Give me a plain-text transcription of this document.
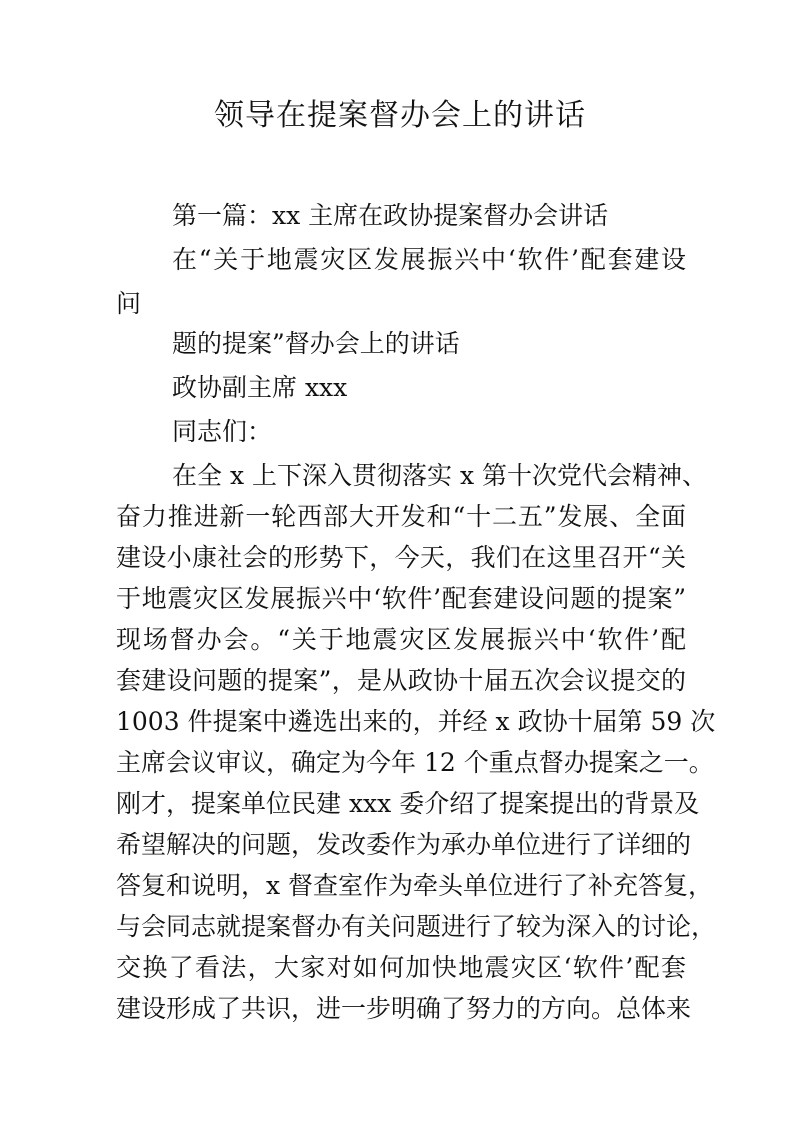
领导在提案督办会上的讲话
第一篇：xx 主席在政协提案督办会讲话
在“关于地震灾区发展振兴中‘软件’配套建设
问
题的提案”督办会上的讲话
政协副主席 xxx
同志们：
在全 x 上下深入贯彻落实 x 第十次党代会精神、
奋力推进新一轮西部大开发和“十二五”发展、全面
建设小康社会的形势下，今天，我们在这里召开“关
于地震灾区发展振兴中‘软件’配套建设问题的提案”
现场督办会。“关于地震灾区发展振兴中‘软件’配
套建设问题的提案”，是从政协十届五次会议提交的
1003 件提案中遴选出来的，并经 x 政协十届第 59 次
主席会议审议，确定为今年 12 个重点督办提案之一。
刚才，提案单位民建 xxx 委介绍了提案提出的背景及
希望解决的问题，发改委作为承办单位进行了详细的
答复和说明，x 督查室作为牵头单位进行了补充答复，
与会同志就提案督办有关问题进行了较为深入的讨论，
交换了看法，大家对如何加快地震灾区‘软件’配套
建设形成了共识，进一步明确了努力的方向。总体来
